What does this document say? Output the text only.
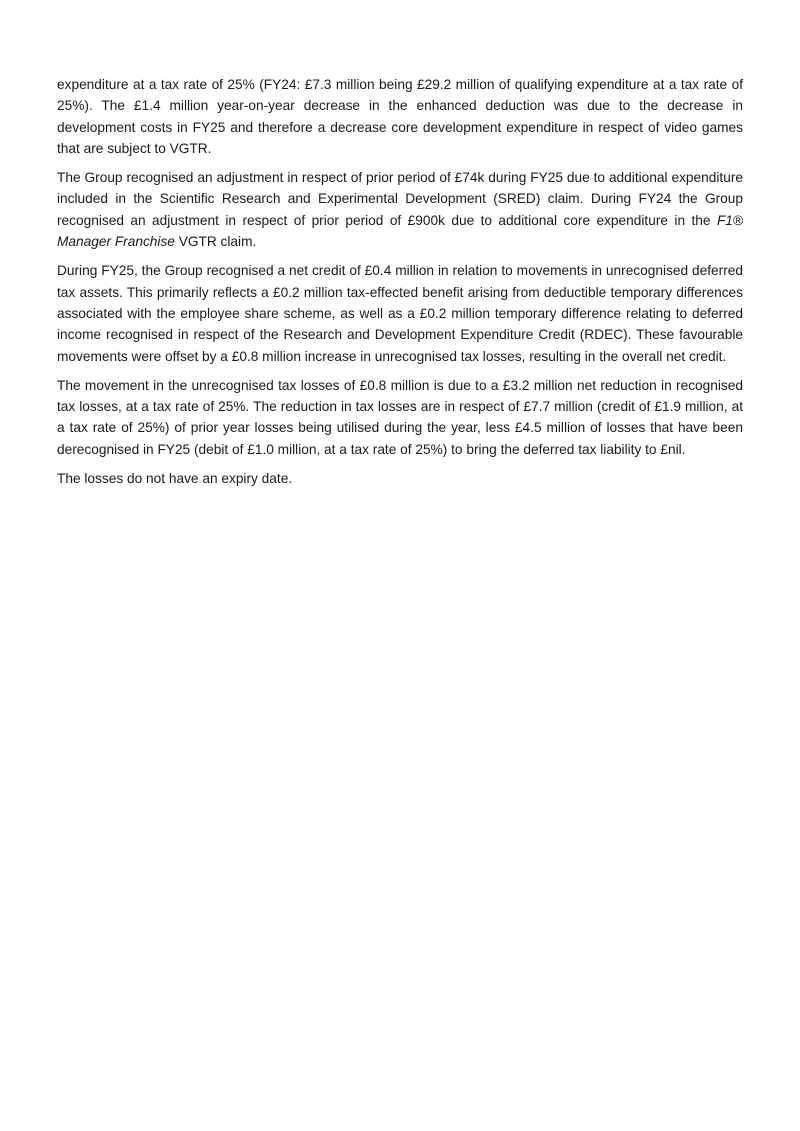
expenditure at a tax rate of 25% (FY24: £7.3 million being £29.2 million of qualifying expenditure at a tax rate of 25%). The £1.4 million year-on-year decrease in the enhanced deduction was due to the decrease in development costs in FY25 and therefore a decrease core development expenditure in respect of video games that are subject to VGTR.

The Group recognised an adjustment in respect of prior period of £74k during FY25 due to additional expenditure included in the Scientific Research and Experimental Development (SRED) claim. During FY24 the Group recognised an adjustment in respect of prior period of £900k due to additional core expenditure in the F1® Manager Franchise VGTR claim.

During FY25, the Group recognised a net credit of £0.4 million in relation to movements in unrecognised deferred tax assets. This primarily reflects a £0.2 million tax-effected benefit arising from deductible temporary differences associated with the employee share scheme, as well as a £0.2 million temporary difference relating to deferred income recognised in respect of the Research and Development Expenditure Credit (RDEC). These favourable movements were offset by a £0.8 million increase in unrecognised tax losses, resulting in the overall net credit.

The movement in the unrecognised tax losses of £0.8 million is due to a £3.2 million net reduction in recognised tax losses, at a tax rate of 25%. The reduction in tax losses are in respect of £7.7 million (credit of £1.9 million, at a tax rate of 25%) of prior year losses being utilised during the year, less £4.5 million of losses that have been derecognised in FY25 (debit of £1.0 million, at a tax rate of 25%) to bring the deferred tax liability to £nil.

The losses do not have an expiry date.
